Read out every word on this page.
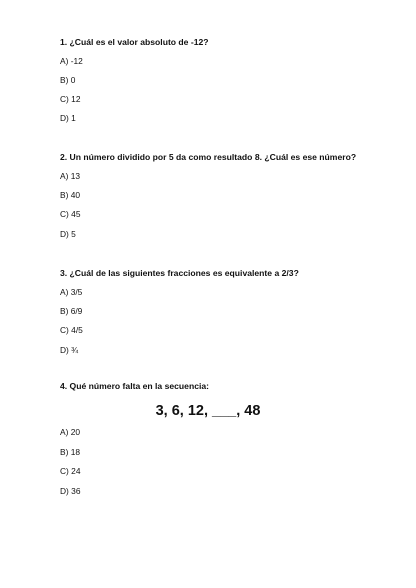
1. ¿Cuál es el valor absoluto de -12?
A) -12
B) 0
C) 12
D) 1
2. Un número dividido por 5 da como resultado 8. ¿Cuál es ese número?
A) 13
B) 40
C) 45
D) 5
3. ¿Cuál de las siguientes fracciones es equivalente a 2/3?
A) 3/5
B) 6/9
C) 4/5
D) ¾
4. Qué número falta en la secuencia:
3, 6, 12, ___, 48
A) 20
B) 18
C) 24
D) 36
